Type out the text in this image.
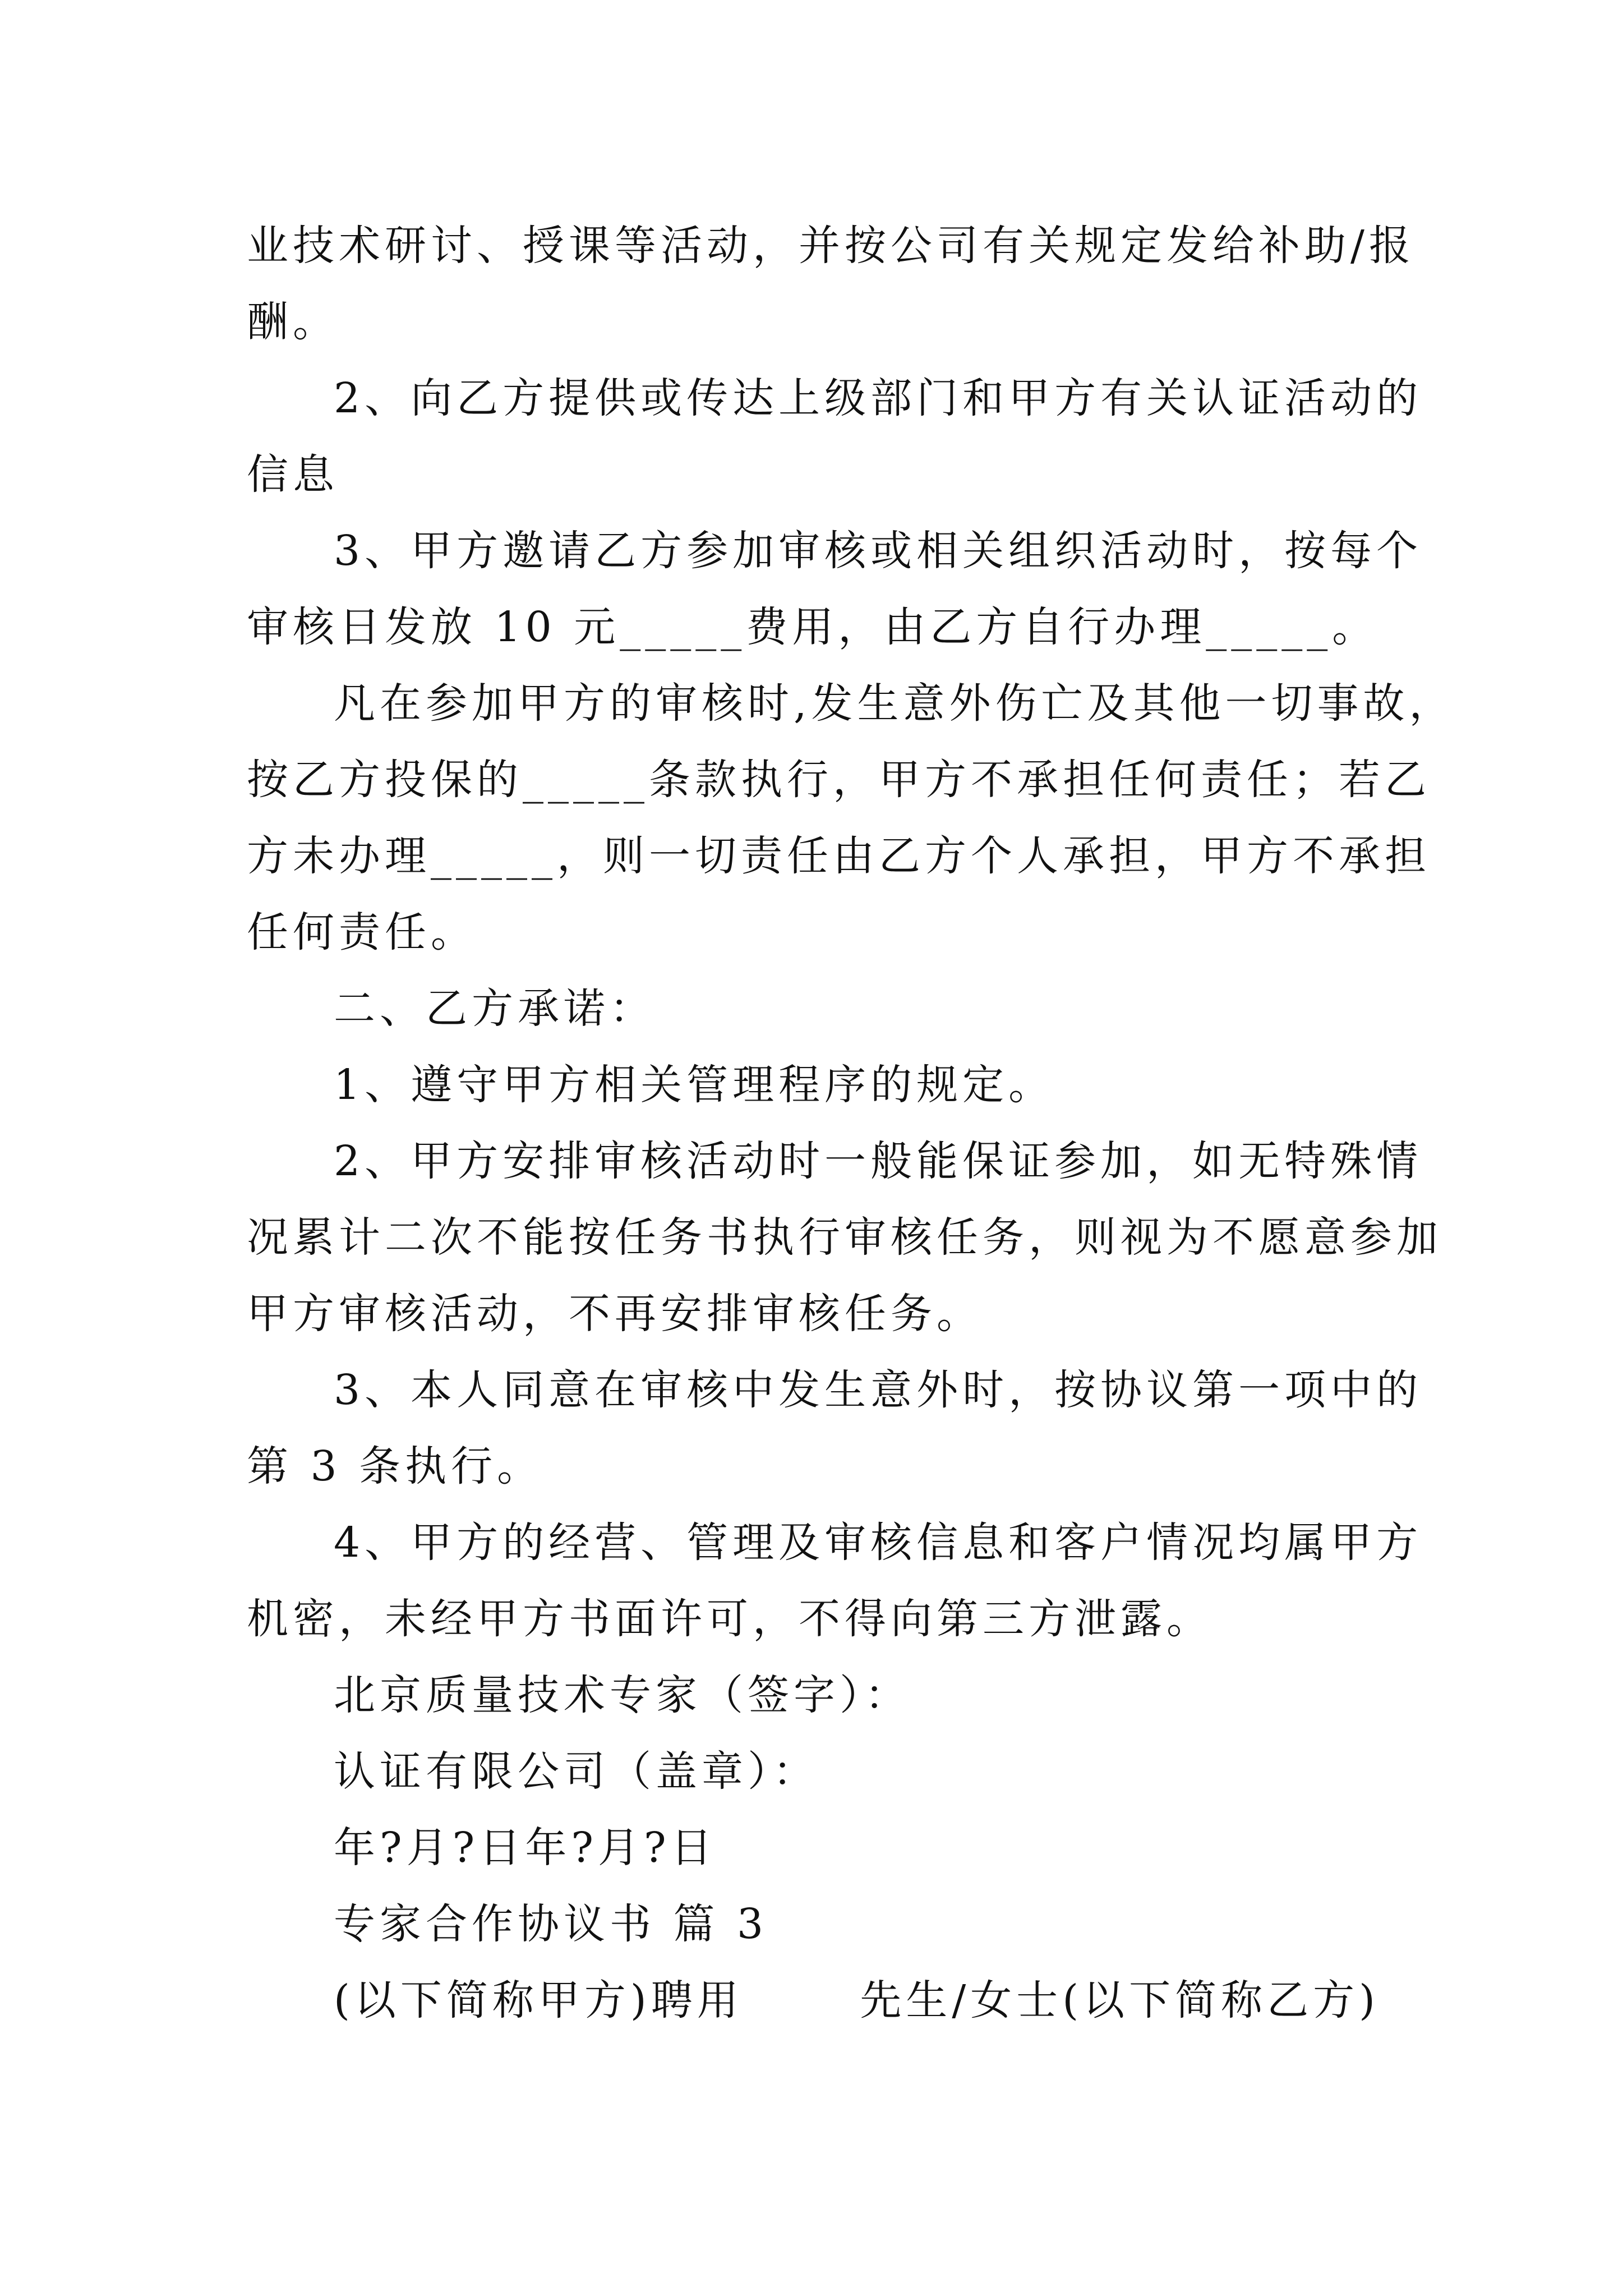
业技术研讨、授课等活动，并按公司有关规定发给补助/报
酬。
2、向乙方提供或传达上级部门和甲方有关认证活动的
信息
3、甲方邀请乙方参加审核或相关组织活动时，按每个
审核日发放 10 元_____费用，由乙方自行办理_____。
凡在参加甲方的审核时,发生意外伤亡及其他一切事故，
按乙方投保的_____条款执行，甲方不承担任何责任；若乙
方未办理_____，则一切责任由乙方个人承担，甲方不承担
任何责任。
二、乙方承诺：
1、遵守甲方相关管理程序的规定。
2、甲方安排审核活动时一般能保证参加，如无特殊情
况累计二次不能按任务书执行审核任务，则视为不愿意参加
甲方审核活动，不再安排审核任务。
3、本人同意在审核中发生意外时，按协议第一项中的
第 3 条执行。
4、甲方的经营、管理及审核信息和客户情况均属甲方
机密，未经甲方书面许可，不得向第三方泄露。
北京质量技术专家（签字）：
认证有限公司（盖章）：
年?月?日年?月?日
专家合作协议书 篇 3
(以下简称甲方)聘用	先生/女士(以下简称乙方)
